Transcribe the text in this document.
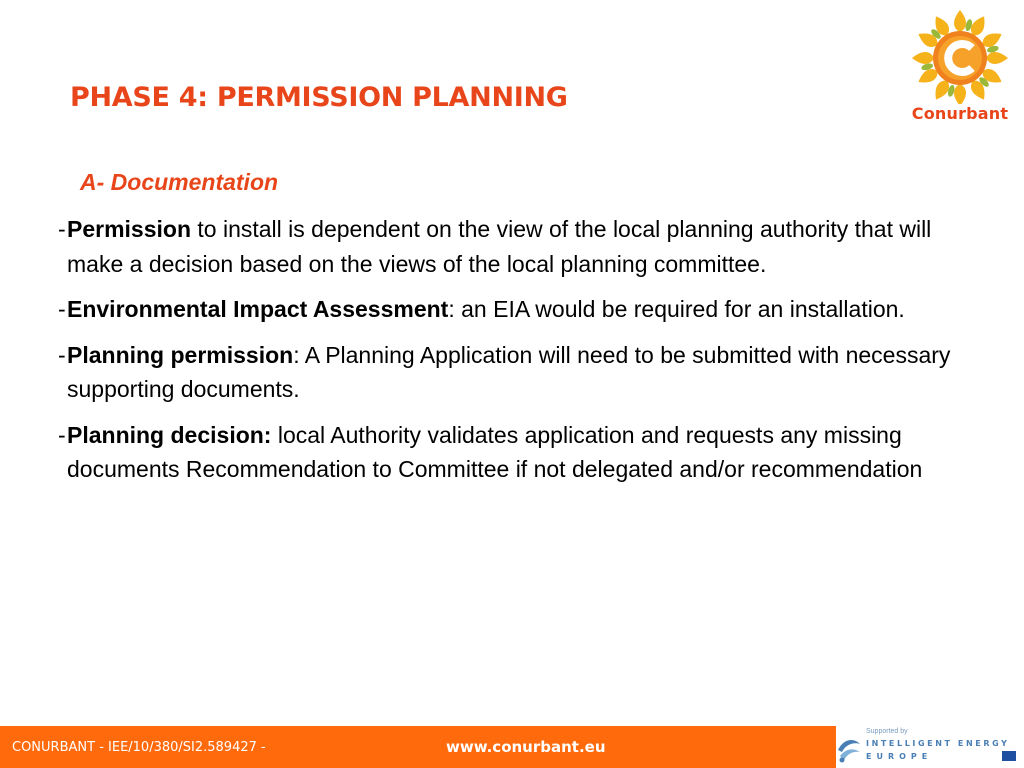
PHASE 4: PERMISSION PLANNING
Conurbant
A- Documentation
- Permission to install is dependent on the view of the local planning authority that will make a decision based on the views of the local planning committee.
- Environmental Impact Assessment: an EIA would be required for an installation.
- Planning permission: A Planning Application will need to be submitted with necessary supporting documents.
- Planning decision: local Authority validates application and requests any missing documents Recommendation to Committee if not delegated and/or recommendation
CONURBANT - IEE/10/380/SI2.589427 -	www.conurbant.eu
Supported by
INTELLIGENT ENERGY
EUROPE
